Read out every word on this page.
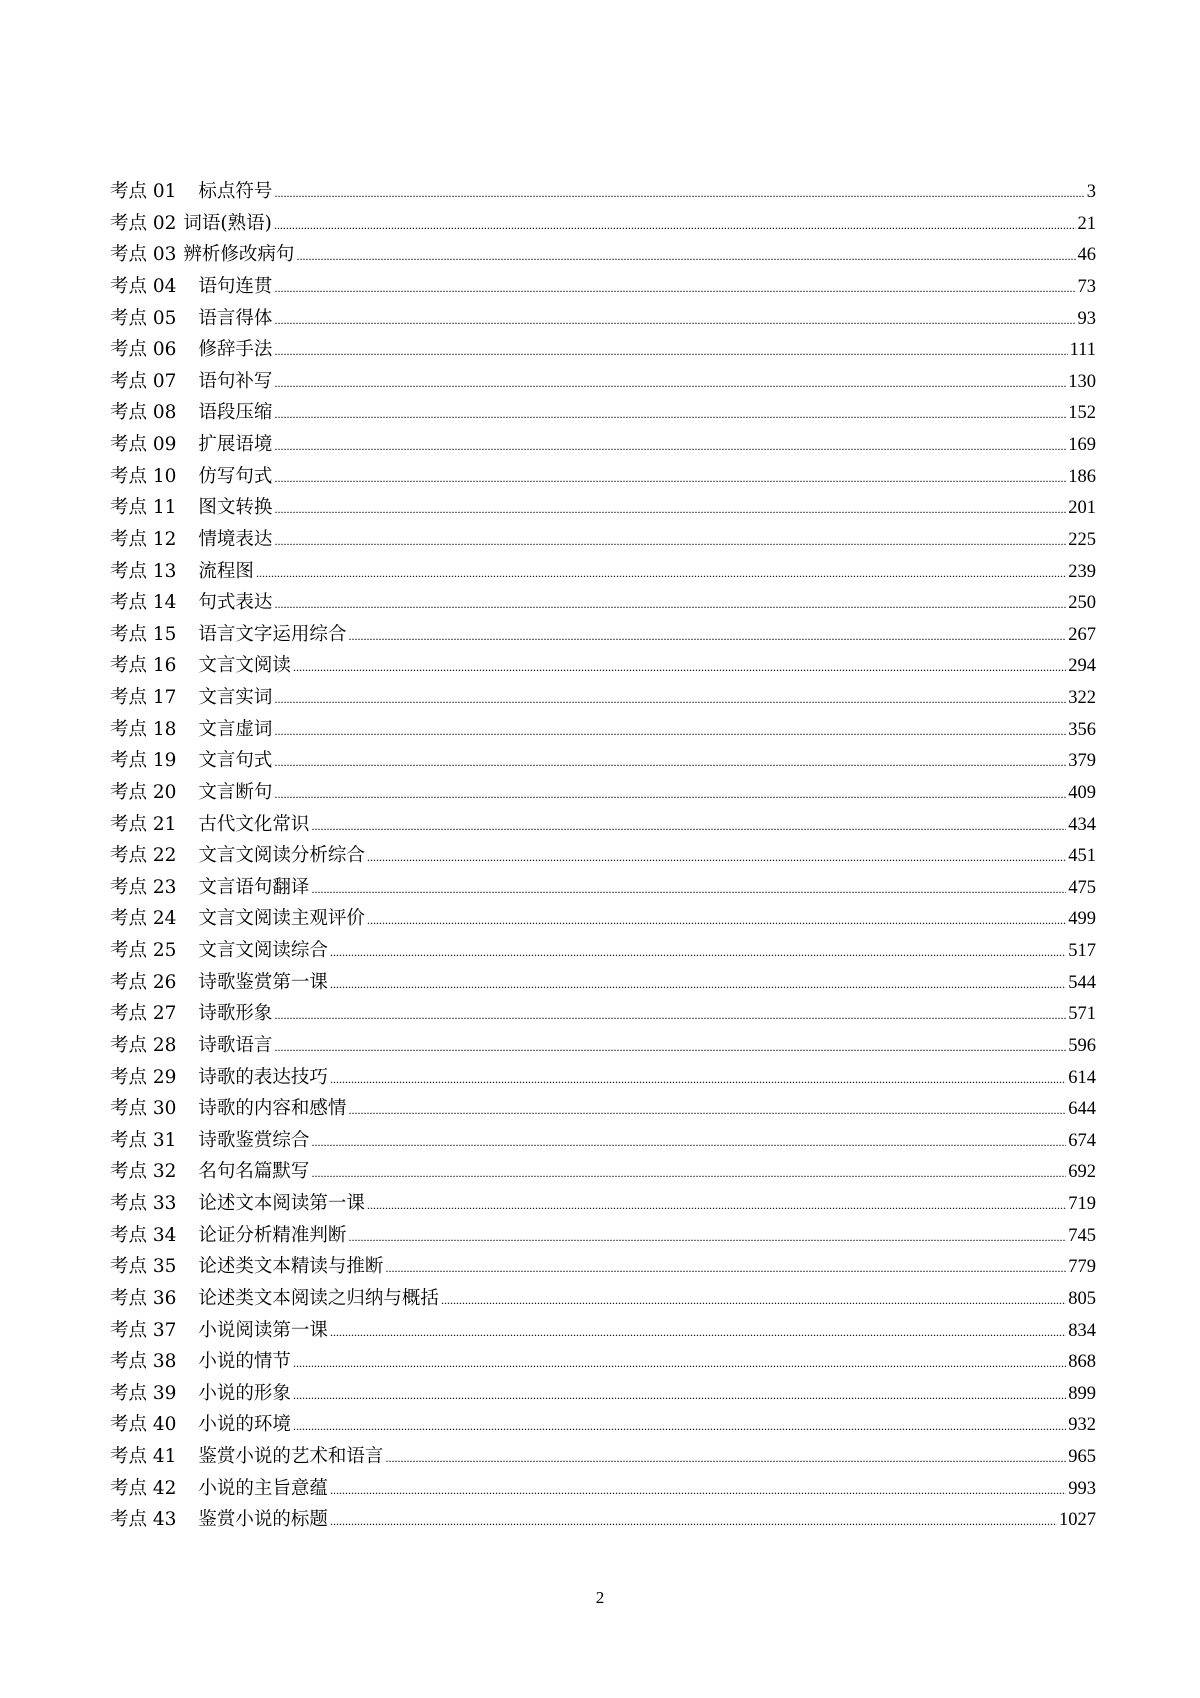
考点 01 标点符号 .....	3
考点 02 词语(熟语) .....	21
考点 03 辨析修改病句 .....	46
考点 04 语句连贯 .....	73
考点 05 语言得体 .....	93
考点 06 修辞手法 .....	111
考点 07 语句补写 .....	130
考点 08 语段压缩 .....	152
考点 09 扩展语境 .....	169
考点 10 仿写句式 .....	186
考点 11 图文转换 .....	201
考点 12 情境表达 .....	225
考点 13 流程图 .....	239
考点 14 句式表达 .....	250
考点 15 语言文字运用综合 .....	267
考点 16 文言文阅读 .....	294
考点 17 文言实词 .....	322
考点 18 文言虚词 .....	356
考点 19 文言句式 .....	379
考点 20 文言断句 .....	409
考点 21 古代文化常识 .....	434
考点 22 文言文阅读分析综合 .....	451
考点 23 文言语句翻译 .....	475
考点 24 文言文阅读主观评价 .....	499
考点 25 文言文阅读综合 .....	517
考点 26 诗歌鉴赏第一课 .....	544
考点 27 诗歌形象 .....	571
考点 28 诗歌语言 .....	596
考点 29 诗歌的表达技巧 .....	614
考点 30 诗歌的内容和感情 .....	644
考点 31 诗歌鉴赏综合 .....	674
考点 32 名句名篇默写 .....	692
考点 33 论述文本阅读第一课 .....	719
考点 34 论证分析精准判断 .....	745
考点 35 论述类文本精读与推断 .....	779
考点 36 论述类文本阅读之归纳与概括 .....	805
考点 37 小说阅读第一课 .....	834
考点 38 小说的情节 .....	868
考点 39 小说的形象 .....	899
考点 40 小说的环境 .....	932
考点 41 鉴赏小说的艺术和语言 .....	965
考点 42 小说的主旨意蕴 .....	993
考点 43 鉴赏小说的标题 .....	1027
2
